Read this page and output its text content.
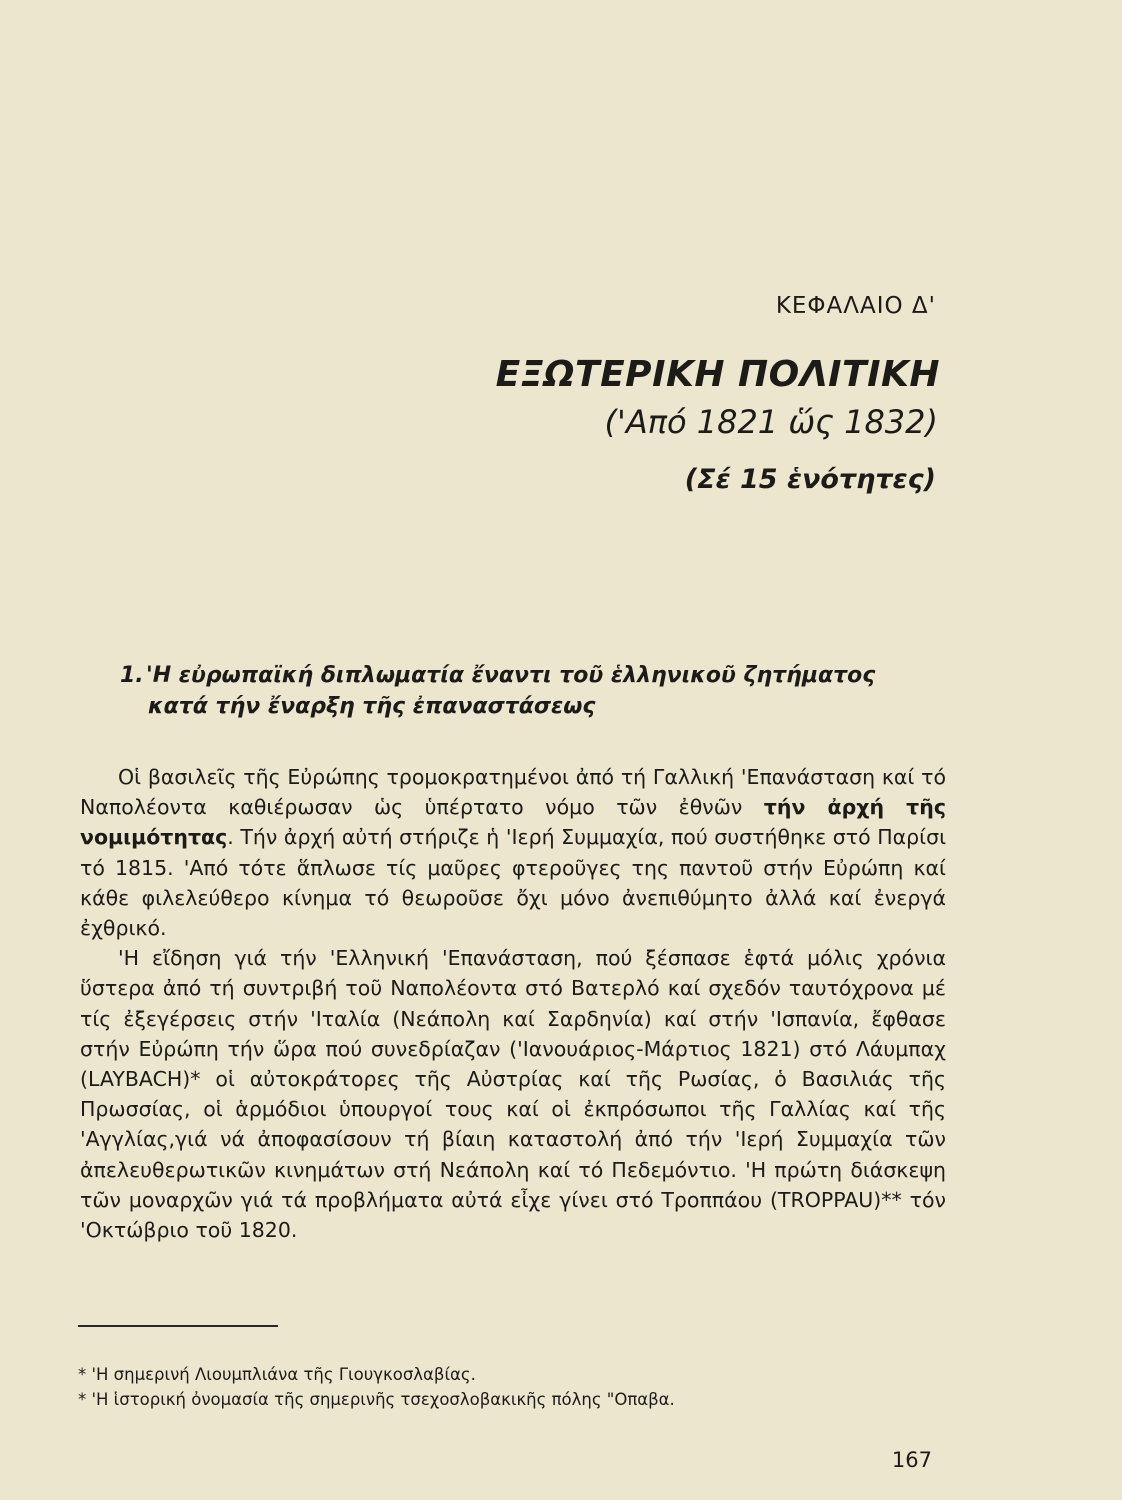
ΚΕΦΑΛΑΙΟ Δ'
ΕΞΩΤΕΡΙΚΗ ΠΟΛΙΤΙΚΗ
('Από 1821 ὥς 1832)
(Σέ 15 ἑνότητες)
1. 'Η εὐρωπαϊκή διπλωματία ἔναντι τοῦ ἑλληνικοῦ ζητήματος
κατά τήν ἔναρξη τῆς ἐπαναστάσεως

Οἱ βασιλεῖς τῆς Εὐρώπης τρομοκρατημένοι ἀπό τή Γαλλική 'Επανάσταση καί τό Ναπολέοντα καθιέρωσαν ὡς ὑπέρτατο νόμο τῶν ἐθνῶν τήν ἀρχή τῆς νομιμότητας. Τήν ἀρχή αὐτή στήριζε ἡ 'Ιερή Συμμαχία, πού συστήθηκε στό Παρίσι τό 1815. 'Από τότε ἅπλωσε τίς μαῦρες φτεροῦγες της παντοῦ στήν Εὐρώπη καί κάθε φιλελεύθερο κίνημα τό θεωροῦσε ὄχι μόνο ἀνεπιθύμητο ἀλλά καί ἐνεργά ἐχθρικό.

'Η εἴδηση γιά τήν 'Ελληνική 'Επανάσταση, πού ξέσπασε ἑφτά μόλις χρόνια ὕστερα ἀπό τή συντριβή τοῦ Ναπολέοντα στό Βατερλό καί σχεδόν ταυτόχρονα μέ τίς ἐξεγέρσεις στήν 'Ιταλία (Νεάπολη καί Σαρδηνία) καί στήν 'Ισπανία, ἔφθασε στήν Εὐρώπη τήν ὥρα πού συνεδρίαζαν ('Ιανουάριος-Μάρτιος 1821) στό Λάυμπαχ (LAYBACH)* οἱ αὐτοκράτορες τῆς Αὐστρίας καί τῆς Ρωσίας, ὁ Βασιλιάς τῆς Πρωσσίας, οἱ ἁρμόδιοι ὑπουργοί τους καί οἱ ἐκπρόσωποι τῆς Γαλλίας καί τῆς 'Αγγλίας,γιά νά ἀποφασίσουν τή βίαιη καταστολή ἀπό τήν 'Ιερή Συμμαχία τῶν ἀπελευθερωτικῶν κινημάτων στή Νεάπολη καί τό Πεδεμόντιο. 'Η πρώτη διάσκεψη τῶν μοναρχῶν γιά τά προβλήματα αὐτά εἶχε γίνει στό Τροππάου (TROPPAU)** τόν 'Οκτώβριο τοῦ 1820.

* 'Η σημερινή Λιουμπλιάνα τῆς Γιουγκοσλαβίας.
* 'Η ἱστορική ὀνομασία τῆς σημερινῆς τσεχοσλοβακικῆς πόλης "Οπαβα.
167
